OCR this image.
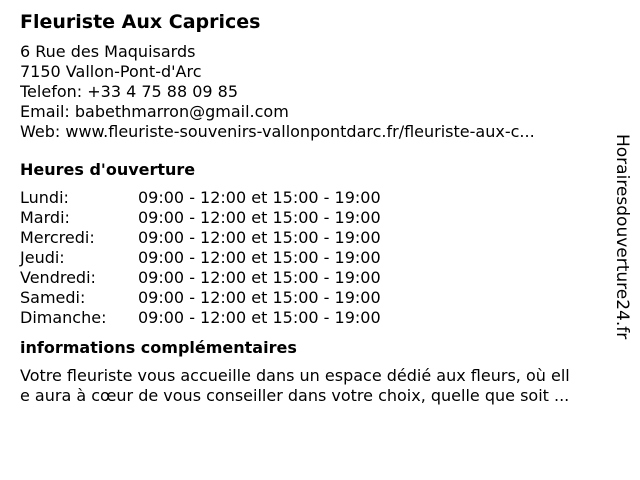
Fleuriste Aux Caprices
6 Rue des Maquisards
7150 Vallon-Pont-d'Arc
Telefon: +33 4 75 88 09 85
Email: babethmarron@gmail.com
Web: www.fleuriste-souvenirs-vallonpontdarc.fr/fleuriste-aux-c...
Heures d'ouverture
Lundi:	09:00 - 12:00 et 15:00 - 19:00
Mardi:	09:00 - 12:00 et 15:00 - 19:00
Mercredi:	09:00 - 12:00 et 15:00 - 19:00
Jeudi:	09:00 - 12:00 et 15:00 - 19:00
Vendredi:	09:00 - 12:00 et 15:00 - 19:00
Samedi:	09:00 - 12:00 et 15:00 - 19:00
Dimanche:	09:00 - 12:00 et 15:00 - 19:00
informations complémentaires
Votre fleuriste vous accueille dans un espace dédié aux fleurs, où ell
e aura à cœur de vous conseiller dans votre choix, quelle que soit ...
Horairesdouverture24.fr
